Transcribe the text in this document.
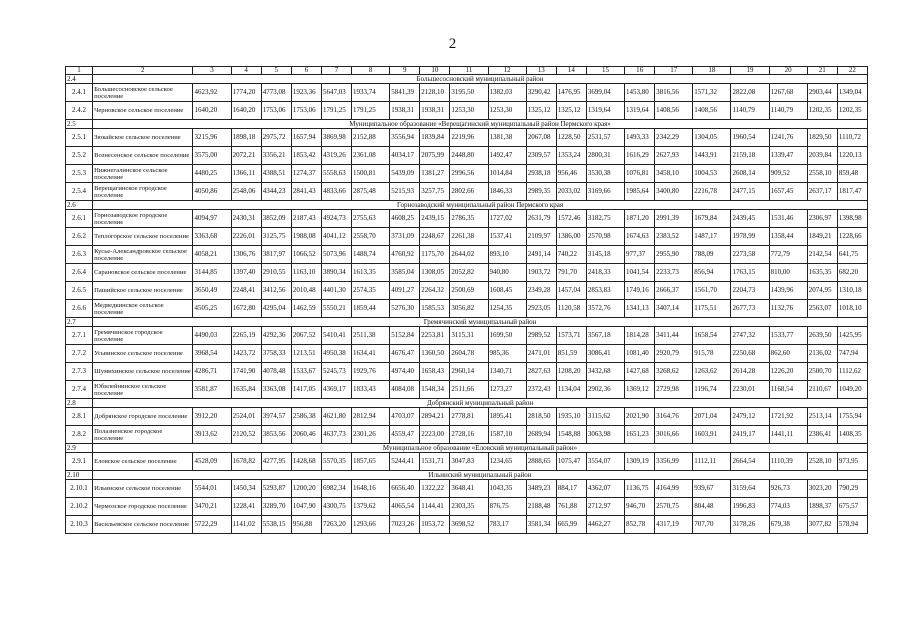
2
1	2	3	4	5	6	7	8	9	10	11	12	13	14	15	16	17	18	19	20	21	22
2.4	Большесосновский муниципальный район																				
2.4.1	Большесосновское сельское поселение	4623,92	1774,20	4773,08	1923,36	5647,03	1933,74	5841,39	2128,10	3195,50	1382,03	3290,42	1476,95	3699,04	1453,80	3816,56	1571,32	2822,08	1267,68	2903,44	1349,04
2.4.2	Черновское сельское поселение	1640,20	1640,20	1753,06	1753,06	1791,25	1791,25	1938,31	1938,31	1253,30	1253,30	1325,12	1325,12	1319,64	1319,64	1408,56	1408,56	1140,79	1140,79	1202,35	1202,35
2.5	Муниципальное образование «Верещагинский муниципальный район Пермского края»																				
2.5.1	Зюкайское сельское поселение	3215,96	1898,18	2975,72	1657,94	3869,98	2152,88	3556,94	1839,84	2219,96	1381,38	2067,08	1228,50	2531,57	1493,33	2342,29	1304,05	1960,54	1241,76	1829,50	1110,72
2.5.2	Вознесенское сельское поселение	3575,00	2072,21	3356,21	1853,42	4319,26	2361,08	4034,17	2075,99	2448,80	1492,47	2309,57	1353,24	2800,31	1616,29	2627,93	1443,91	2159,18	1339,47	2039,84	1220,13
2.5.3	Нижнегалинское сельское поселение	4480,25	1366,11	4388,51	1274,37	5558,63	1500,81	5439,09	1381,27	2996,56	1014,84	2938,18	956,46	3530,38	1076,81	3458,10	1004,53	2608,14	909,52	2558,10	859,48
2.5.4	Верещагинское городское поселение	4050,86	2548,06	4344,23	2841,43	4833,66	2875,48	5215,93	3257,75	2802,66	1846,33	2989,35	2033,02	3169,66	1985,64	3400,80	2216,78	2477,15	1657,45	2637,17	1817,47
2.6	Горнозаводский муниципальный район Пермского края																				
2.6.1	Горнозаводское городское поселение	4094,97	2430,31	3852,09	2187,43	4924,73	2755,63	4608,25	2439,15	2786,35	1727,02	2631,79	1572,46	3182,75	1871,20	2991,39	1679,84	2439,45	1531,46	2306,97	1398,98
2.6.2	Теплогорское сельское поселение	3363,68	2226,01	3125,75	1988,08	4041,12	2558,70	3731,09	2248,67	2261,38	1537,41	2109,97	1386,00	2570,98	1674,63	2383,52	1487,17	1978,99	1358,44	1849,21	1228,66
2.6.3	Кусье-Александровское сельское поселение	4058,21	1306,76	3817,97	1066,52	5073,96	1488,74	4760,92	1175,70	2644,02	893,10	2491,14	740,22	3145,18	977,37	2955,90	788,09	2273,58	772,79	2142,54	641,75
2.6.4	Сарановское сельское поселение	3144,85	1397,40	2910,55	1163,10	3890,34	1613,35	3585,04	1308,05	2052,82	940,80	1903,72	791,70	2418,33	1041,54	2233,73	856,94	1763,15	810,00	1635,35	682,20
2.6.5	Пашийское сельское поселение	3650,49	2248,41	3412,56	2010,48	4401,30	2574,35	4091,27	2264,32	2500,69	1608,45	2349,28	1457,04	2853,83	1749,16	2666,37	1561,70	2204,73	1439,96	2074,95	1310,18
2.6.6	Медведкинское сельское поселение	4505,25	1672,80	4295,04	1462,59	5550,21	1859,44	5276,30	1585,53	3056,82	1254,35	2923,05	1120,58	3572,76	1341,13	3407,14	1175,51	2677,73	1132,76	2563,07	1018,10
2.7	Гремячинский муниципальный район																				
2.7.1	Гремячинское городское поселение	4490,03	2265,19	4292,36	2067,52	5410,41	2511,38	5152,84	2253,81	3115,31	1699,50	2989,52	1573,71	3567,18	1814,28	3411,44	1658,54	2747,32	1533,77	2639,50	1425,95
2.7.2	Усьвинское сельское поселение	3968,54	1423,72	3758,33	1213,51	4950,38	1634,41	4676,47	1360,50	2604,78	985,36	2471,01	851,59	3086,41	1081,40	2920,79	915,78	2250,68	862,60	2136,02	747,94
2.7.3	Шумихинское сельское поселение	4286,71	1741,90	4078,48	1533,67	5245,73	1929,76	4974,40	1658,43	2960,14	1340,71	2827,63	1208,20	3432,68	1427,68	3268,62	1263,62	2614,28	1226,20	2500,70	1112,62
2.7.4	Юбилейнинское сельское поселение	3581,87	1635,84	3363,08	1417,05	4369,17	1833,43	4084,08	1548,34	2511,66	1273,27	2372,43	1134,04	2902,36	1369,12	2729,98	1196,74	2230,01	1168,54	2110,67	1049,20
2.8	Добрянский муниципальный район																				
2.8.1	Добрянское городское поселение	3912,20	2524,01	3974,57	2586,38	4621,80	2812,94	4703,07	2894,21	2778,81	1895,41	2818,50	1935,10	3115,62	2021,90	3164,76	2071,04	2479,12	1721,92	2513,14	1755,94
2.8.2	Полазненское городское поселение	3913,62	2120,52	3853,56	2060,46	4637,73	2301,26	4559,47	2223,00	2728,16	1587,10	2689,94	1548,88	3063,98	1651,23	3016,66	1603,91	2419,17	1441,11	2386,41	1408,35
2.9	Муниципальное образование «Еловский муниципальный район»																				
2.9.1	Еловское сельское поселение	4528,09	1678,82	4277,95	1428,68	5570,35	1857,65	5244,41	1531,71	3047,83	1234,65	2888,65	1075,47	3554,07	1309,19	3356,99	1112,11	2664,54	1110,39	2528,10	973,95
2.10	Ильинский муниципальный район																				
2.10.1	Ильинское сельское поселение	5544,01	1450,34	5293,87	1200,20	6982,34	1648,16	6656,40	1322,22	3648,41	1043,35	3489,23	884,17	4362,07	1136,75	4164,99	939,67	3159,64	926,73	3023,20	790,29
2.10.2	Чермозское городское поселение	3470,21	1228,41	3289,70	1047,90	4300,75	1379,62	4065,54	1144,41	2303,35	876,75	2188,48	761,88	2712,97	946,70	2570,75	804,48	1996,83	774,03	1898,37	675,57
2.10.3	Васильевское сельское поселение	5722,29	1141,02	5538,15	956,88	7263,20	1293,66	7023,26	1053,72	3698,52	783,17	3581,34	665,99	4462,27	852,78	4317,19	707,70	3178,26	679,38	3077,82	578,94
